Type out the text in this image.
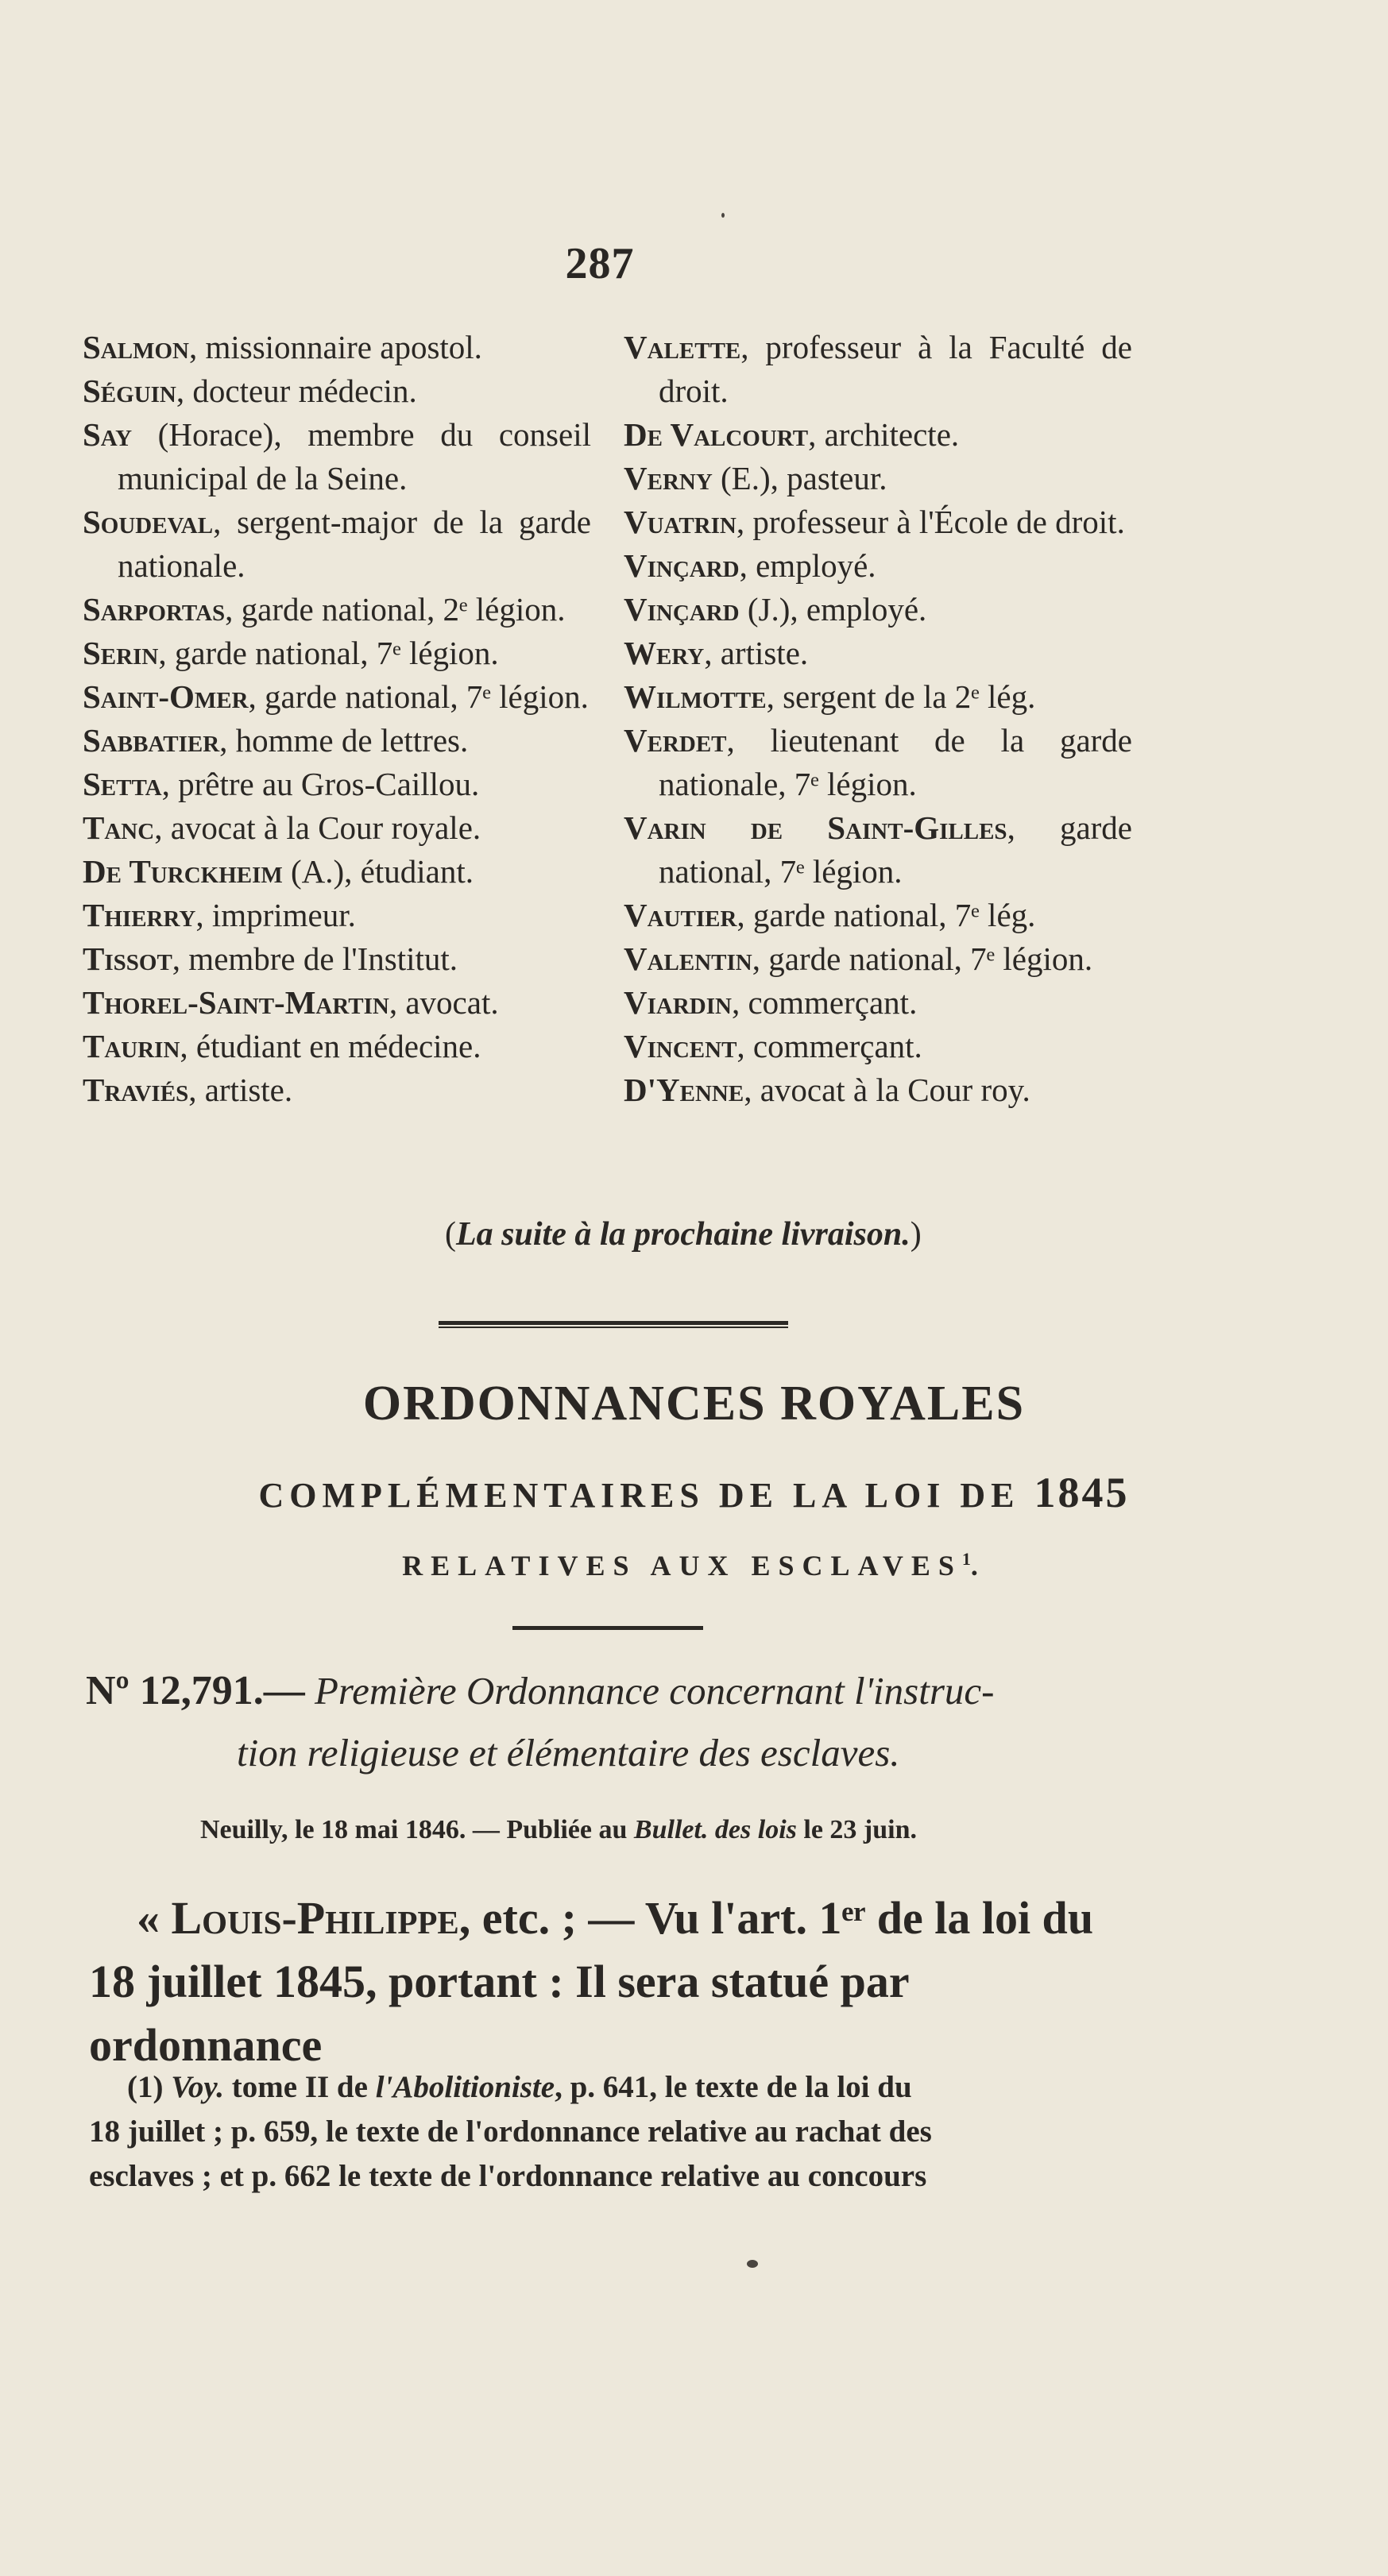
287
Salmon, missionnaire apostol.
Séguin, docteur médecin.
Say (Horace), membre du conseil municipal de la Seine.
Soudeval, sergent-major de la garde nationale.
Sarportas, garde national, 2ᵉ légion.
Serin, garde national, 7ᵉ légion.
Saint-Omer, garde national, 7ᵉ légion.
Sabbatier, homme de lettres.
Setta, prêtre au Gros-Caillou.
Tanc, avocat à la Cour royale.
De Turckheim (A.), étudiant.
Thierry, imprimeur.
Tissot, membre de l'Institut.
Thorel-Saint-Martin, avocat.
Taurin, étudiant en médecine.
Traviés, artiste.
Valette, professeur à la Faculté de droit.
De Valcourt, architecte.
Verny (E.), pasteur.
Vuatrin, professeur à l'École de droit.
Vinçard, employé.
Vinçard (J.), employé.
Wery, artiste.
Wilmotte, sergent de la 2ᵉ lég.
Verdet, lieutenant de la garde nationale, 7ᵉ légion.
Varin de Saint-Gilles, garde national, 7ᵉ légion.
Vautier, garde national, 7ᵉ lég.
Valentin, garde national, 7ᵉ légion.
Viardin, commerçant.
Vincent, commerçant.
D'Yenne, avocat à la Cour roy.
(La suite à la prochaine livraison.)
ORDONNANCES ROYALES
COMPLÉMENTAIRES DE LA LOI DE 1845
RELATIVES AUX ESCLAVES$^1$.
Nº 12,791.— Première Ordonnance concernant l'instruc-
tion religieuse et élémentaire des esclaves.
Neuilly, le 18 mai 1846. — Publiée au Bullet. des lois le 23 juin.
« Louis-Philippe, etc. ; — Vu l'art. 1ᵉʳ de la loi du
18 juillet 1845, portant : Il sera statué par ordonnance
(1) Voy. tome II de l'Abolitioniste, p. 641, le texte de la loi du
18 juillet ; p. 659, le texte de l'ordonnance relative au rachat des
esclaves ; et p. 662 le texte de l'ordonnance relative au concours
